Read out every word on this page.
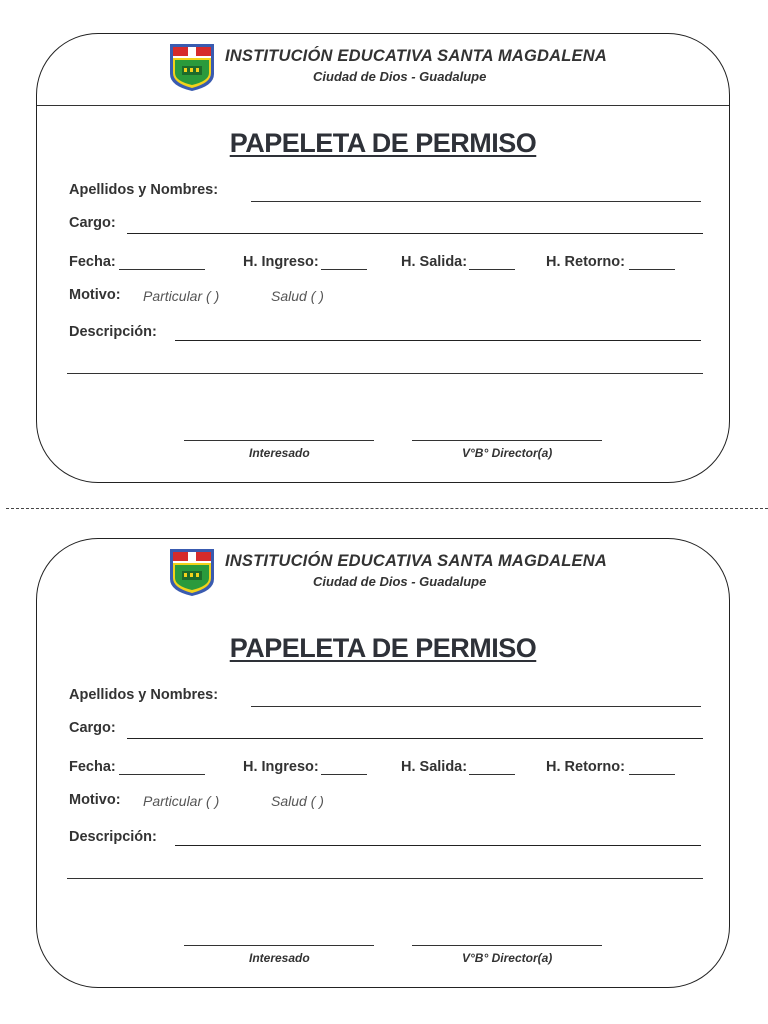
INSTITUCIÓN EDUCATIVA SANTA MAGDALENA
Ciudad de Dios - Guadalupe
PAPELETA DE PERMISO
Apellidos y Nombres:
Cargo:
Fecha:	H. Ingreso:	H. Salida:	H. Retorno:
Motivo: Particular ( )	Salud ( )
Descripción:
Interesado	V°B° Director(a)
INSTITUCIÓN EDUCATIVA SANTA MAGDALENA
Ciudad de Dios - Guadalupe
PAPELETA DE PERMISO
Apellidos y Nombres:
Cargo:
Fecha:	H. Ingreso:	H. Salida:	H. Retorno:
Motivo: Particular ( )	Salud ( )
Descripción:
Interesado	V°B° Director(a)
